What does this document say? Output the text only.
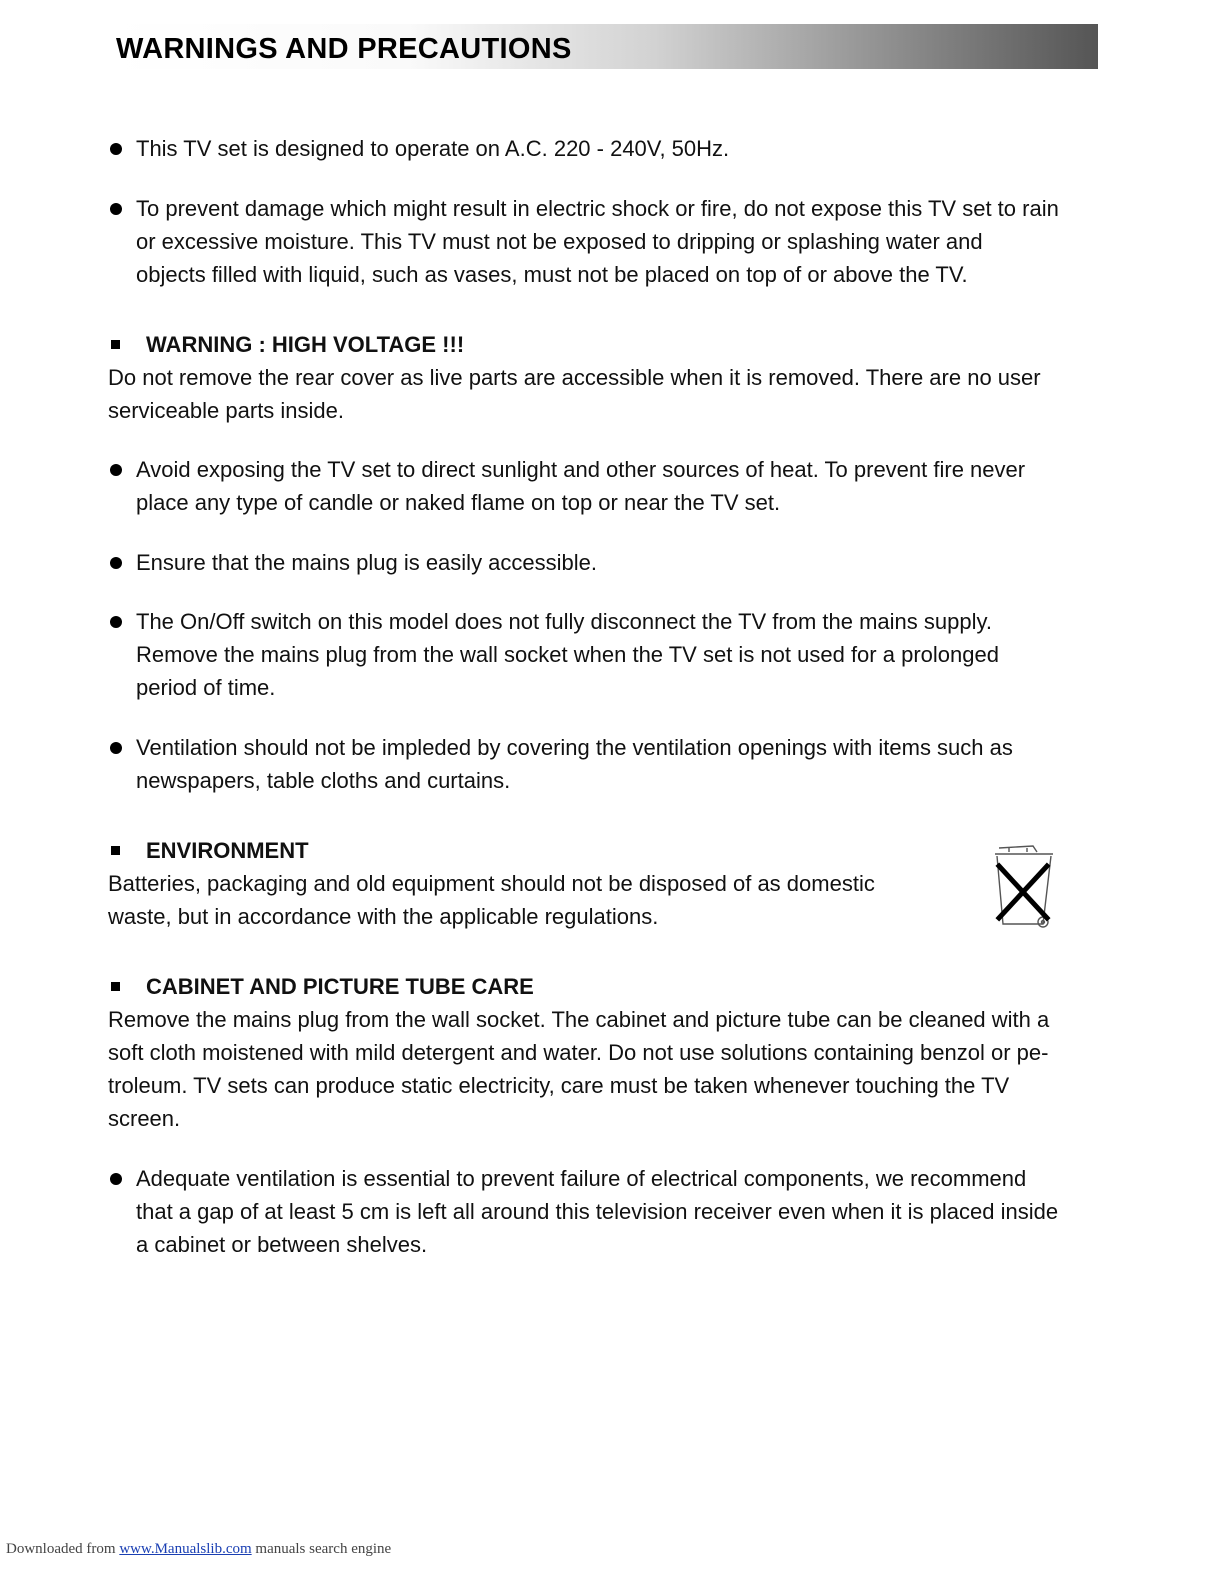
WARNINGS AND PRECAUTIONS
This TV set is designed to operate on A.C. 220 - 240V, 50Hz.
To prevent damage which might result in electric shock or fire, do not expose this TV set to rain
or excessive moisture. This TV must not be exposed to dripping or splashing water and
objects filled with liquid, such as vases, must not be placed on top of or above the TV.
WARNING : HIGH VOLTAGE !!!
Do not remove the rear cover as live parts are accessible when it is removed. There are no user
serviceable parts inside.
Avoid exposing the TV set to direct sunlight and other sources of heat. To prevent fire never
place any type of candle or naked flame on top or near the TV set.
Ensure that the mains plug is easily accessible.
The On/Off switch on this model does not fully disconnect the TV from the mains supply.
Remove the mains plug from the wall socket when the TV set is not used for a prolonged
period of time.
Ventilation should not be impleded by covering the ventilation openings with items such as
newspapers, table cloths and curtains.
ENVIRONMENT
Batteries, packaging and old equipment should not be disposed of as domestic
waste, but in accordance with the applicable regulations.
CABINET AND PICTURE TUBE CARE
Remove the mains plug from the wall socket. The cabinet and picture tube can be cleaned with a
soft cloth moistened with mild detergent and water. Do not use solutions containing benzol or pe-
troleum. TV sets can produce static electricity, care must be taken whenever touching the TV
screen.
Adequate ventilation is essential to prevent failure of electrical components, we recommend
that a gap of at least 5 cm is left all around this television receiver even when it is placed inside
a cabinet or between shelves.
Downloaded from www.Manualslib.com manuals search engine
